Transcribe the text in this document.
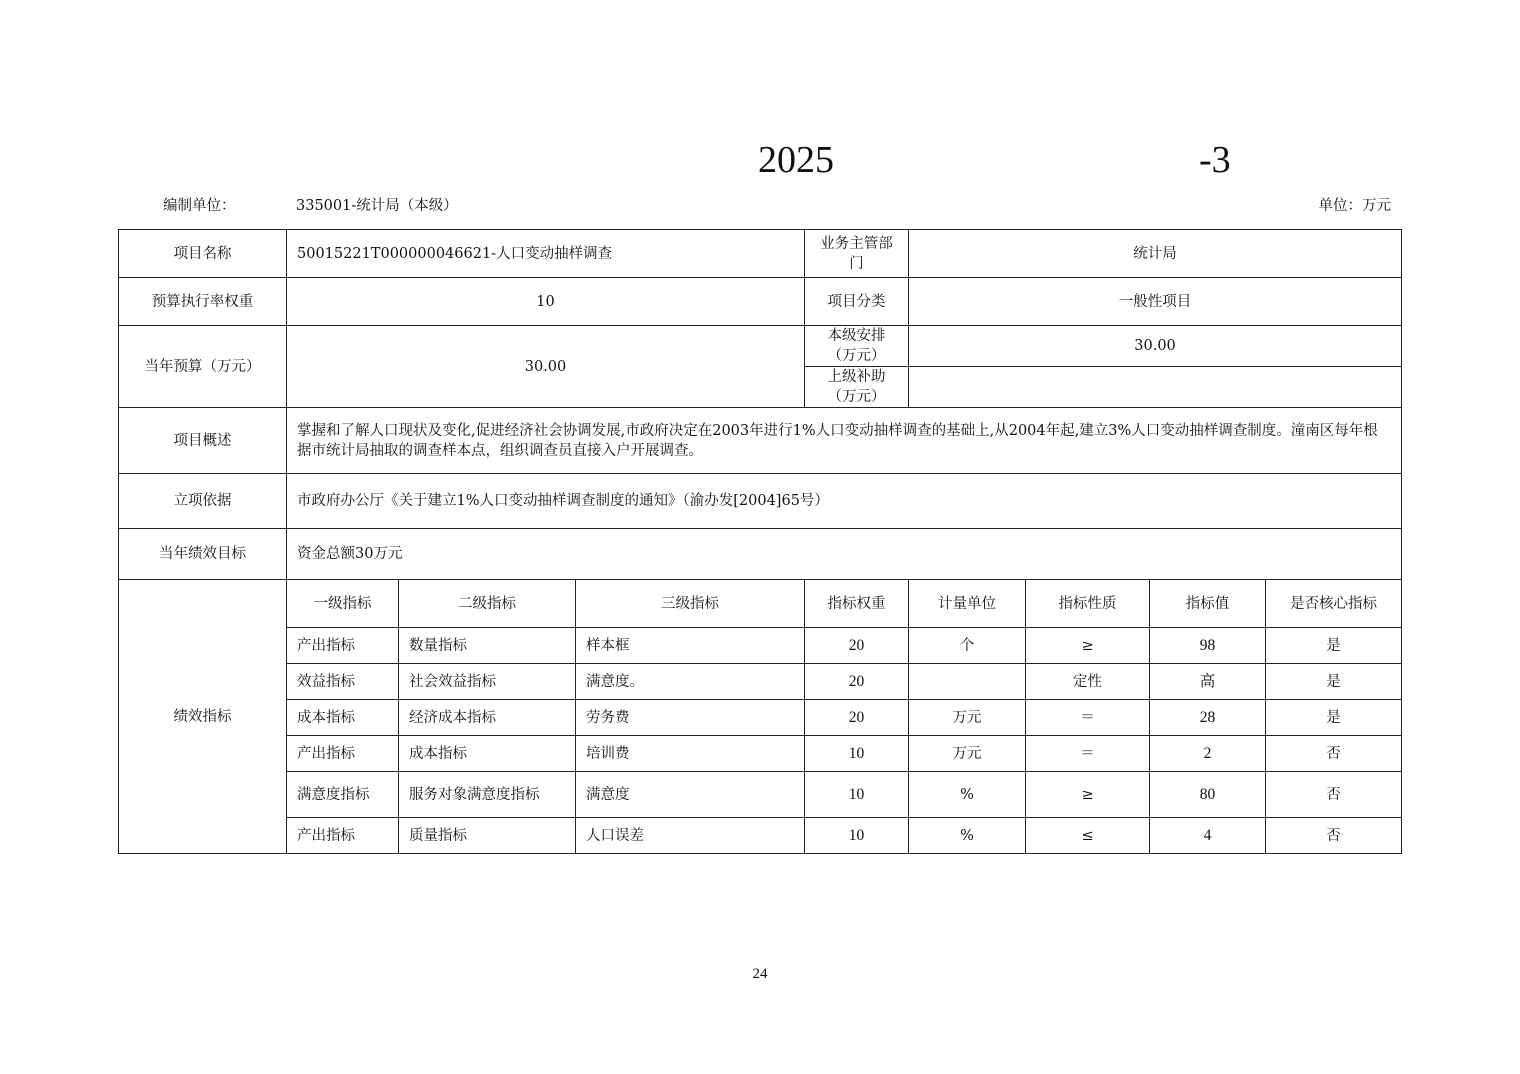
2025	-3
编制单位：	335001-统计局（本级）	单位：万元
项目名称	50015221T000000046621-人口变动抽样调查			业务主管部门	统计局			
预算执行率权重	10			项目分类	一般性项目			
当年预算（万元）	30.00			本级安排（万元）	30.00			
				上级补助（万元）				
项目概述	掌握和了解人口现状及变化,促进经济社会协调发展,市政府决定在2003年进行1%人口变动抽样调查的基础上,从2004年起,建立3%人口变动抽样调查制度。潼南区每年根据市统计局抽取的调查样本点，组织调查员直接入户开展调查。							
立项依据	市政府办公厅《关于建立1%人口变动抽样调查制度的通知》（渝办发[2004]65号）							
当年绩效目标	资金总额30万元							
绩效指标	一级指标	二级指标	三级指标	指标权重	计量单位	指标性质	指标值	是否核心指标
	产出指标	数量指标	样本框	20	个	≥	98	是
	效益指标	社会效益指标	满意度。	20		定性	高	是
	成本指标	经济成本指标	劳务费	20	万元	＝	28	是
	产出指标	成本指标	培训费	10	万元	＝	2	否
	满意度指标	服务对象满意度指标	满意度	10	%	≥	80	否
	产出指标	质量指标	人口误差	10	%	≤	4	否
24
